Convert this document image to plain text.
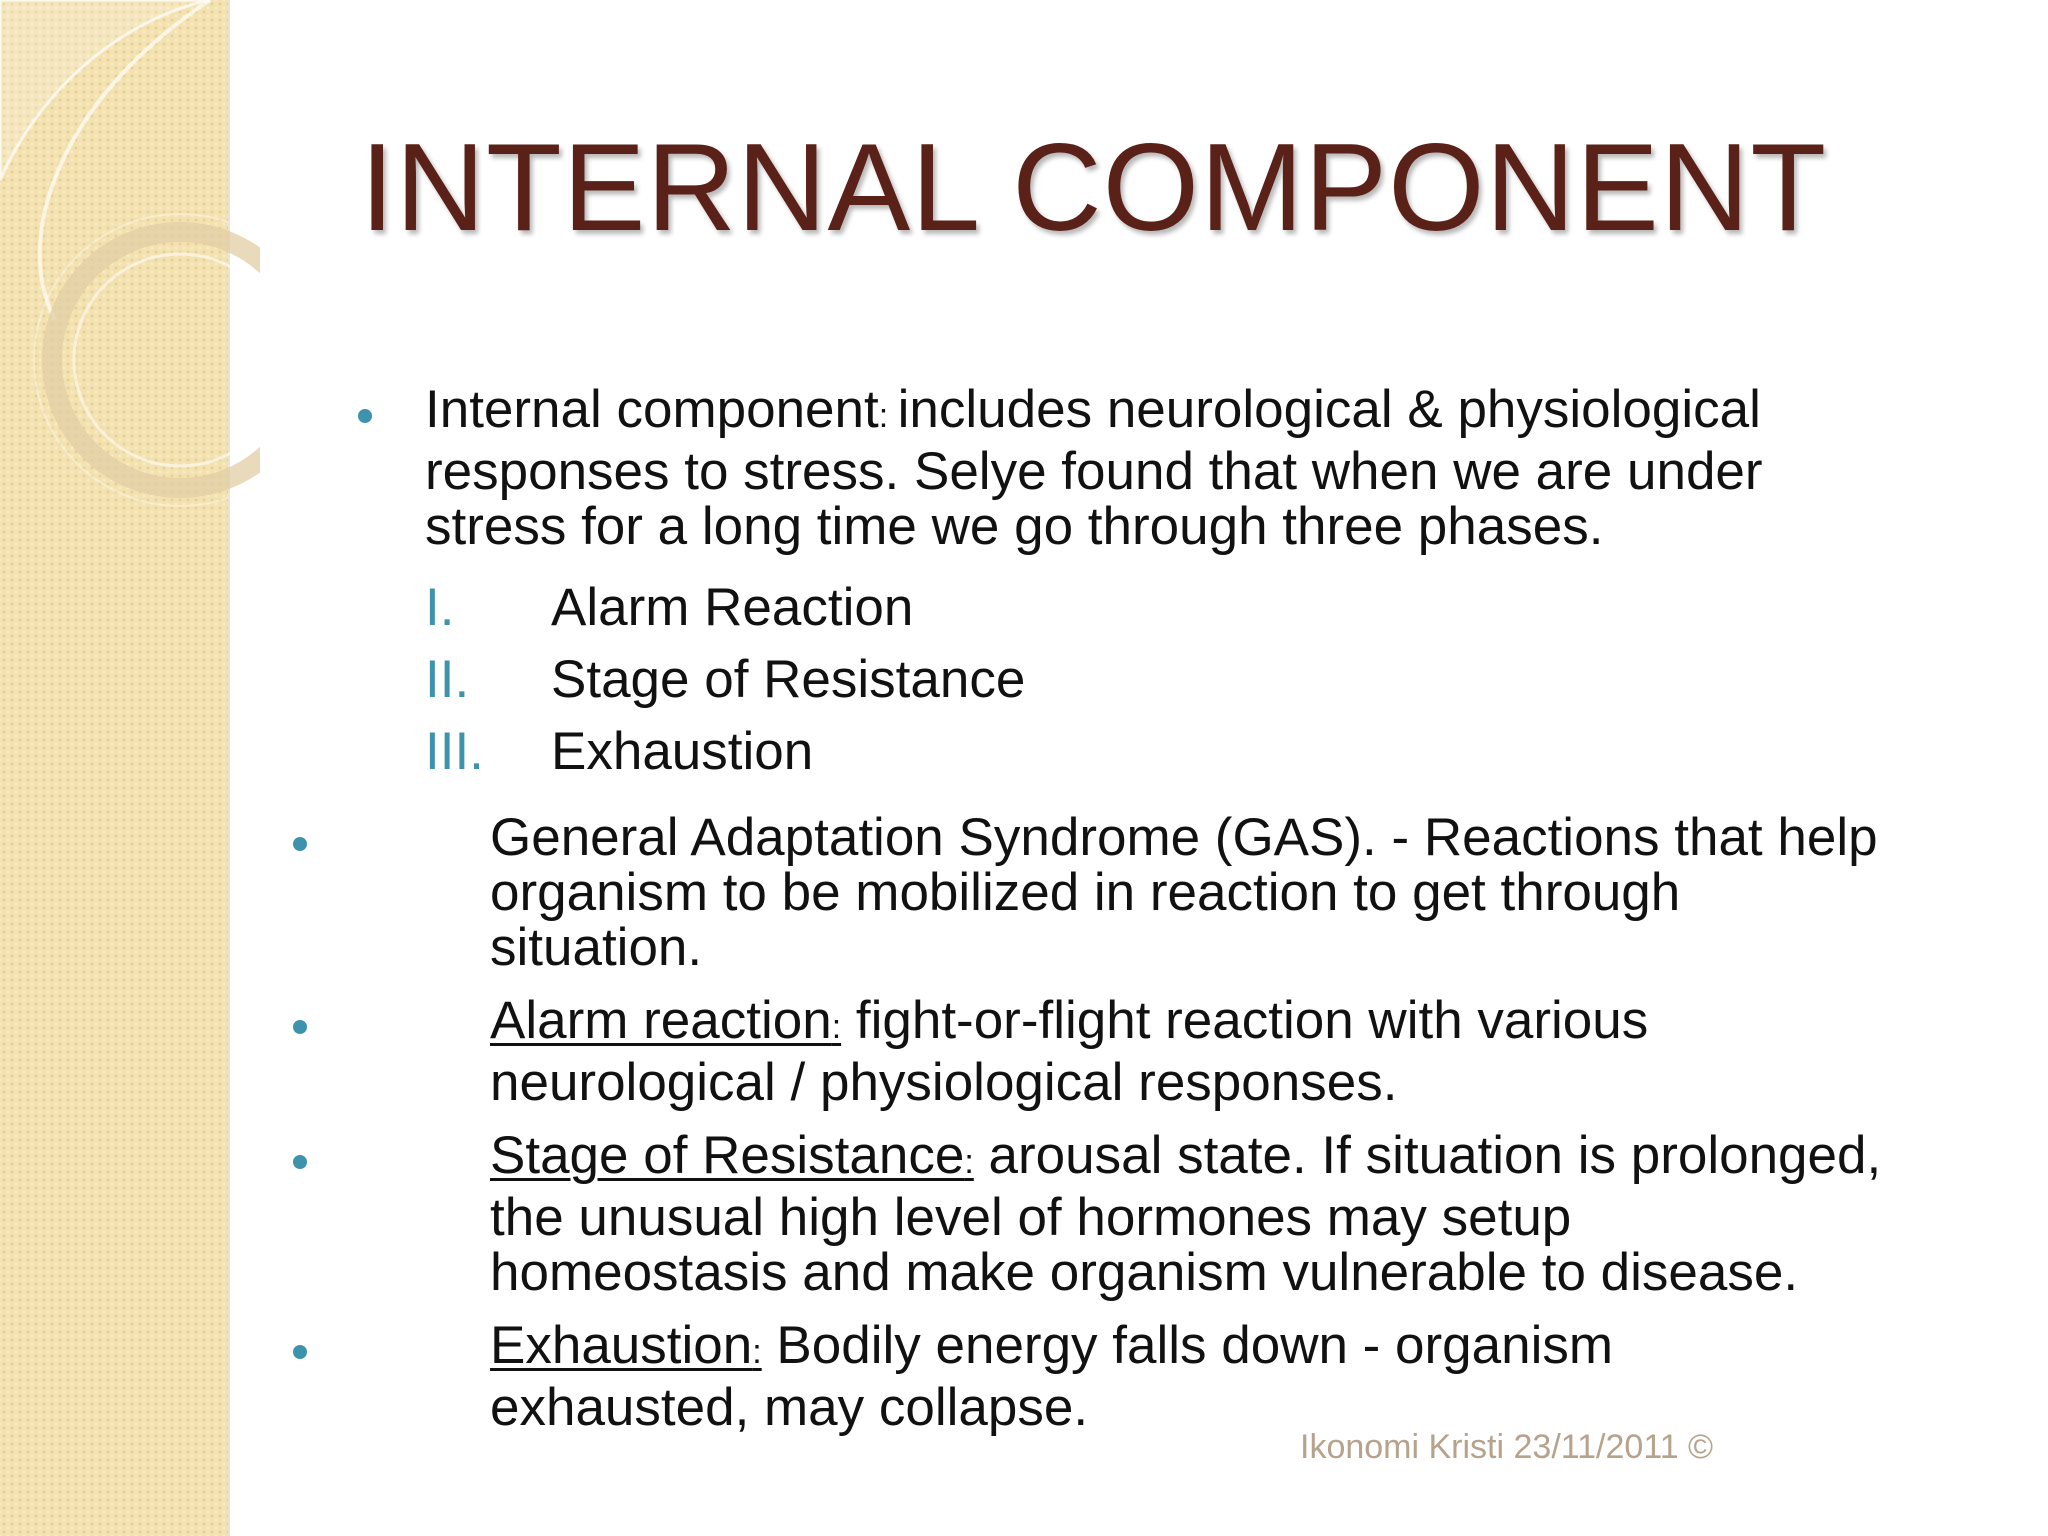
INTERNAL COMPONENT
Internal component: includes neurological & physiological
responses to stress. Selye found that when we are under
stress for a long time we go through three phases.
I.	Alarm Reaction
II.	Stage of Resistance
III.	Exhaustion
General Adaptation Syndrome (GAS). - Reactions that help
organism to be mobilized in reaction to get through
situation.
Alarm reaction: fight-or-flight reaction with various
neurological / physiological responses.
Stage of Resistance: arousal state. If situation is prolonged,
the unusual high level of hormones may setup
homeostasis and make organism vulnerable to disease.
Exhaustion: Bodily energy falls down - organism
exhausted, may collapse.
Ikonomi Kristi 23/11/2011 ©
